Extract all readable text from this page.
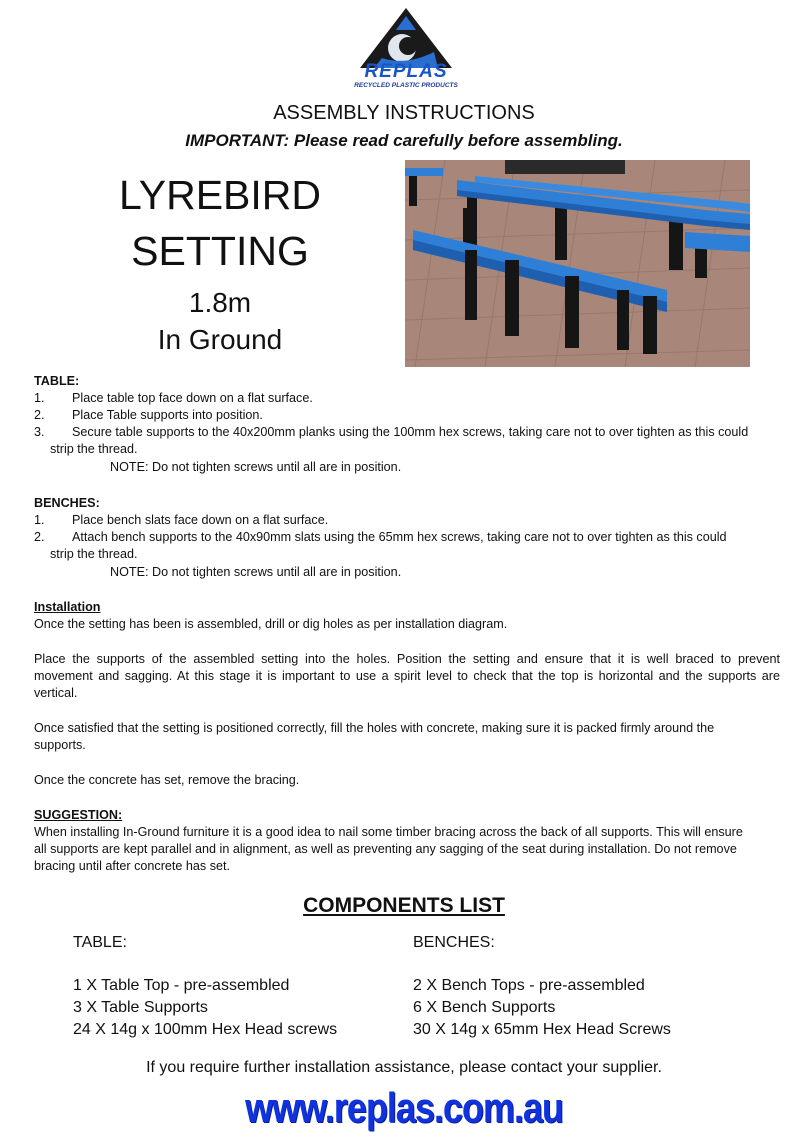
REPLAS
RECYCLED PLASTIC PRODUCTS
ASSEMBLY INSTRUCTIONS
IMPORTANT: Please read carefully before assembling.
LYREBIRD
SETTING
1.8m
In Ground
TABLE:
1.	Place table top face down on a flat surface.
2.	Place Table supports into position.
3.	Secure table supports to the 40x200mm planks using the 100mm hex screws, taking care not to over tighten as this could
strip the thread.
NOTE: Do not tighten screws until all are in position.
BENCHES:
1.	Place bench slats face down on a flat surface.
2.	Attach bench supports to the 40x90mm slats using the 65mm hex screws, taking care not to over tighten as this could
strip the thread.
NOTE: Do not tighten screws until all are in position.
Installation
Once the setting has been is assembled, drill or dig holes as per installation diagram.
Place the supports of the assembled setting into the holes. Position the setting and ensure that it is well braced to prevent
movement and sagging. At this stage it is important to use a spirit level to check that the top is horizontal and the supports are
vertical.
Once satisfied that the setting is positioned correctly, fill the holes with concrete, making sure it is packed firmly around the
supports.
Once the concrete has set, remove the bracing.
SUGGESTION:
When installing In-Ground furniture it is a good idea to nail some timber bracing across the back of all supports. This will ensure
all supports are kept parallel and in alignment, as well as preventing any sagging of the seat during installation. Do not remove
bracing until after concrete has set.
COMPONENTS LIST
TABLE:
1 X Table Top - pre-assembled
3 X Table Supports
24 X 14g x 100mm Hex Head screws
BENCHES:
2 X Bench Tops - pre-assembled
6 X Bench Supports
30 X 14g x 65mm Hex Head Screws
If you require further installation assistance, please contact your supplier.
www.replas.com.au
